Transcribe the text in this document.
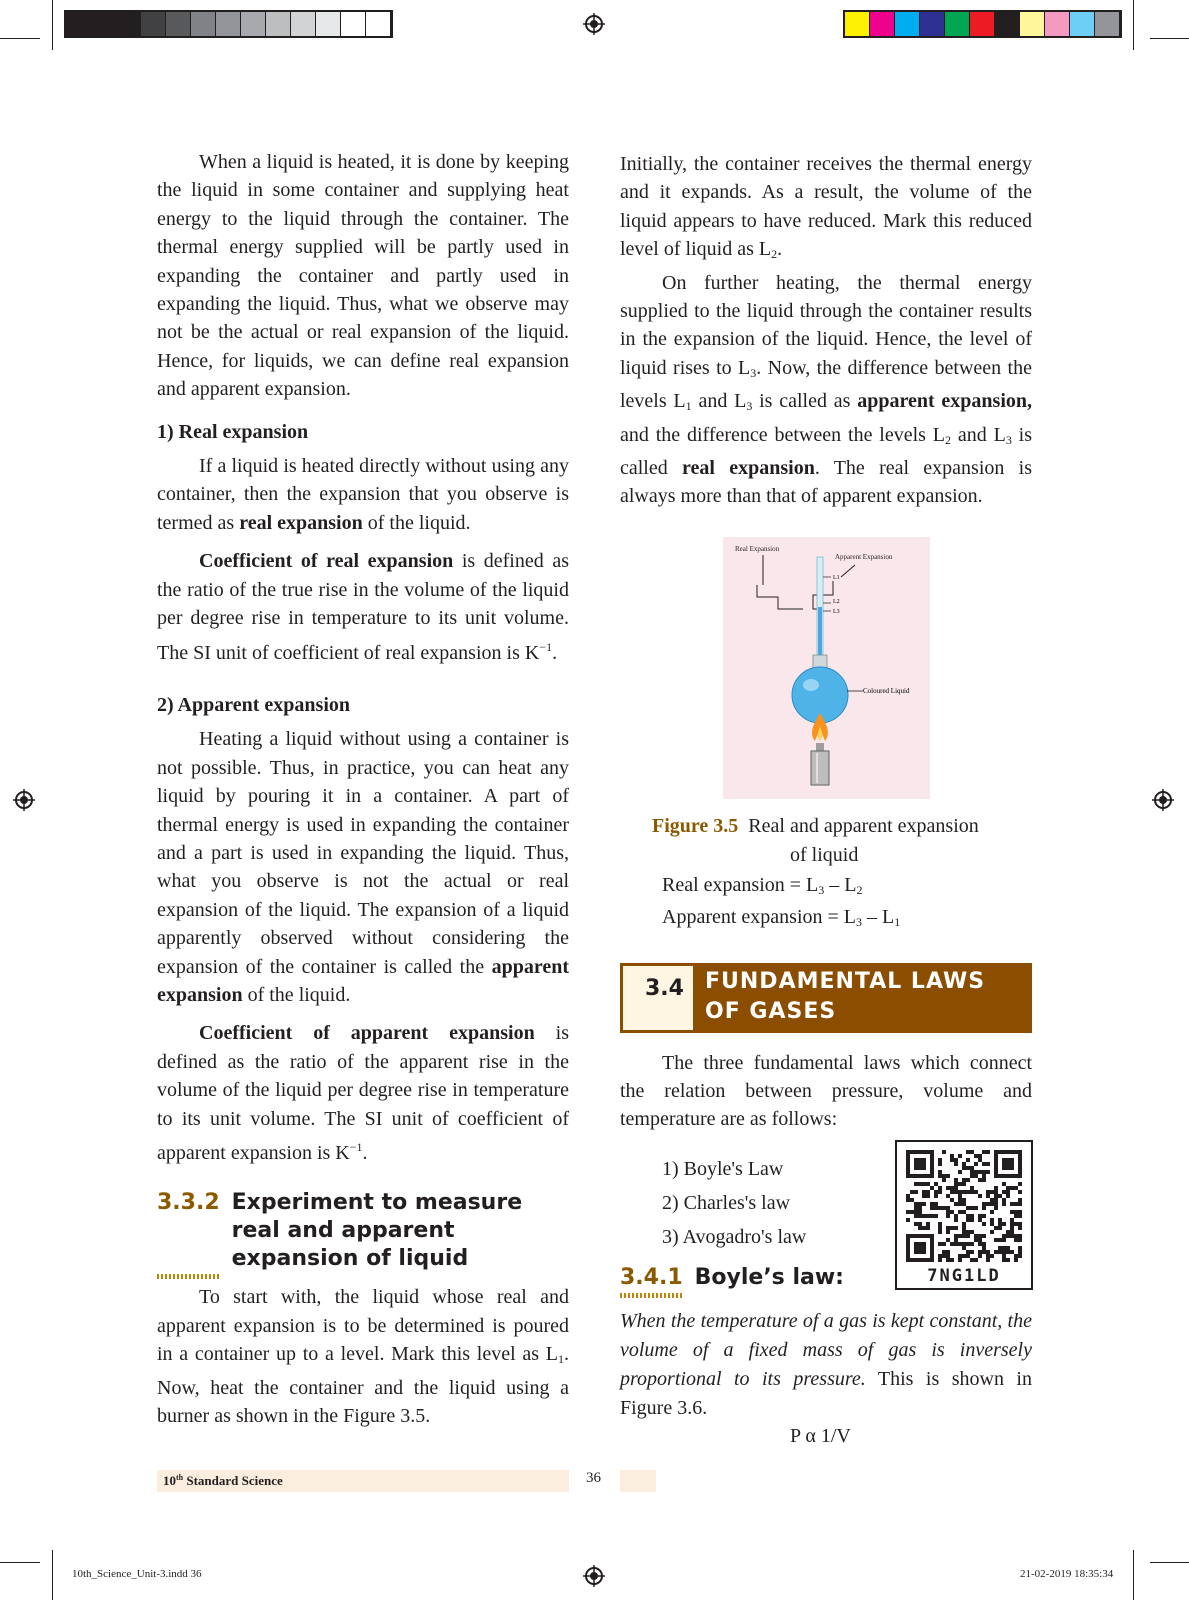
When a liquid is heated, it is done by keeping the liquid in some container and supplying heat energy to the liquid through the container. The thermal energy supplied will be partly used in expanding the container and partly used in expanding the liquid. Thus, what we observe may not be the actual or real expansion of the liquid. Hence, for liquids, we can define real expansion and apparent expansion.

1) Real expansion

If a liquid is heated directly without using any container, then the expansion that you observe is termed as real expansion of the liquid.

Coefficient of real expansion is defined as the ratio of the true rise in the volume of the liquid per degree rise in temperature to its unit volume. The SI unit of coefficient of real expansion is $K^{-1}$.

2) Apparent expansion

Heating a liquid without using a container is not possible. Thus, in practice, you can heat any liquid by pouring it in a container. A part of thermal energy is used in expanding the container and a part is used in expanding the liquid. Thus, what you observe is not the actual or real expansion of the liquid. The expansion of a liquid apparently observed without considering the expansion of the container is called the apparent expansion of the liquid.

Coefficient of apparent expansion is defined as the ratio of the apparent rise in the volume of the liquid per degree rise in temperature to its unit volume. The SI unit of coefficient of apparent expansion is $K^{-1}$.

3.3.2 Experiment to measure real and apparent expansion of liquid

To start with, the liquid whose real and apparent expansion is to be determined is poured in a container up to a level. Mark this level as $L_1$. Now, heat the container and the liquid using a burner as shown in the Figure 3.5.

Initially, the container receives the thermal energy and it expands. As a result, the volume of the liquid appears to have reduced. Mark this reduced level of liquid as $L_2$.

On further heating, the thermal energy supplied to the liquid through the container results in the expansion of the liquid. Hence, the level of liquid rises to $L_3$. Now, the difference between the levels $L_1$ and $L_3$ is called as apparent expansion, and the difference between the levels $L_2$ and $L_3$ is called real expansion. The real expansion is always more than that of apparent expansion.

Real Expansion
Apparent Expansion
L1
L2
L3
Coloured Liquid
Figure 3.5 Real and apparent expansion
of liquid
Real expansion = $L_3 - L_2$
Apparent expansion = $L_3 - L_1$
3.4 FUNDAMENTAL LAWS
OF GASES

The three fundamental laws which connect the relation between pressure, volume and temperature are as follows:

1) Boyle's Law
2) Charles's law
3) Avogadro's law
7NG1LD
3.4.1 Boyle’s law:
When the temperature of a gas is kept constant, the volume of a fixed mass of gas is inversely proportional to its pressure. This is shown in Figure 3.6.
P α 1/V
10th Standard Science	36
10th_Science_Unit-3.indd 36	21-02-2019 18:35:34
